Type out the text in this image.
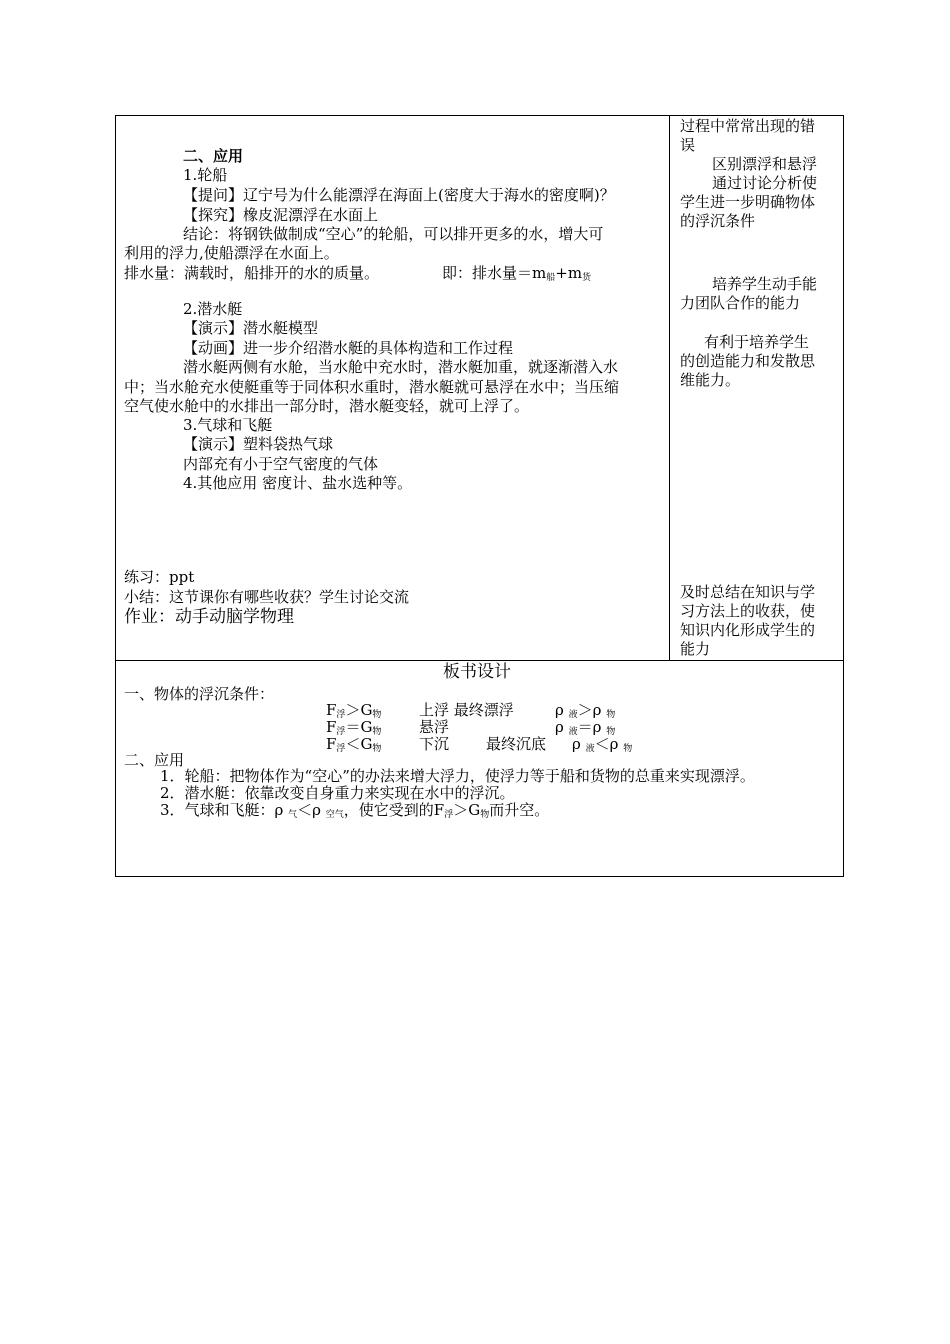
二、应用
1.轮船
【提问】辽宁号为什么能漂浮在海面上(密度大于海水的密度啊)？
【探究】橡皮泥漂浮在水面上
结论：将钢铁做制成“空心”的轮船，可以排开更多的水，增大可
利用的浮力,使船漂浮在水面上。
排水量：满载时，船排开的水的质量。	即：排水量＝m船+m货
2.潜水艇
【演示】潜水艇模型
【动画】进一步介绍潜水艇的具体构造和工作过程
潜水艇两侧有水舱，当水舱中充水时，潜水艇加重，就逐渐潜入水
中；当水舱充水使艇重等于同体积水重时，潜水艇就可悬浮在水中；当压缩
空气使水舱中的水排出一部分时，潜水艇变轻，就可上浮了。
3.气球和飞艇
【演示】塑料袋热气球
内部充有小于空气密度的气体
4.其他应用 密度计、盐水选种等。
练习：ppt
小结：这节课你有哪些收获？学生讨论交流
作业：动手动脑学物理
过程中常常出现的错
误
区别漂浮和悬浮
通过讨论分析使
学生进一步明确物体
的浮沉条件
培养学生动手能
力团队合作的能力
有利于培养学生
的创造能力和发散思
维能力。
及时总结在知识与学
习方法上的收获，使
知识内化形成学生的
能力
板书设计
一、物体的浮沉条件：
F浮＞G物	上浮 最终漂浮	ρ 液＞ρ 物
F浮＝G物	悬浮	ρ 液＝ρ 物
F浮＜G物	下沉 最终沉底 ρ 液＜ρ 物
二、应用
1．轮船：把物体作为“空心”的办法来增大浮力，使浮力等于船和货物的总重来实现漂浮。
2．潜水艇：依靠改变自身重力来实现在水中的浮沉。
3．气球和飞艇：ρ 气＜ρ 空气，使它受到的F浮＞G物而升空。
